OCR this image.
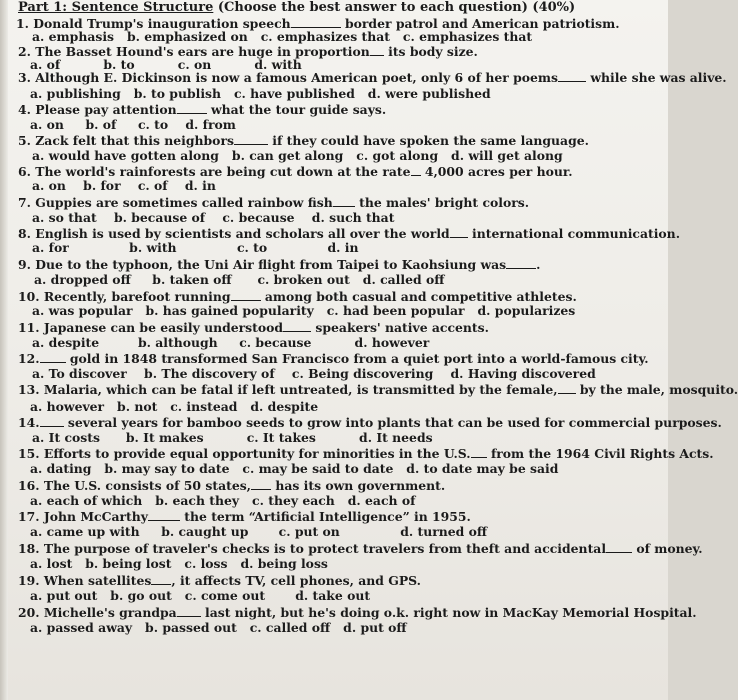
Part 1: Sentence Structure (Choose the best answer to each question) (40%)
1. Donald Trump's inauguration speech	border patrol and American patriotism.
a. emphasis   b. emphasized on   c. emphasizes that   c. emphasizes that
2. The Basset Hound's ears are huge in proportion its body size.
a. of          b. to          c. on          d. with
3. Although E. Dickinson is now a famous American poet, only 6 of her poems while she was alive.
a. publishing   b. to publish   c. have published   d. were published
4. Please pay attention what the tour guide says.
a. on     b. of     c. to    d. from
5. Zack felt that this neighbors	if they could have spoken the same language.
a. would have gotten along   b. can get along   c. got along   d. will get along
6. The world's rainforests are being cut down at the rate 4,000 acres per hour.
a. on    b. for    c. of    d. in
7. Guppies are sometimes called rainbow fish the males' bright colors.
a. so that    b. because of    c. because    d. such that
8. English is used by scientists and scholars all over the world international communication.
a. for              b. with              c. to              d. in
9. Due to the typhoon, the Uni Air flight from Taipei to Kaohsiung was .
a. dropped off     b. taken off      c. broken out   d. called off
10. Recently, barefoot running among both casual and competitive athletes.
a. was popular   b. has gained popularity   c. had been popular   d. popularizes
11. Japanese can be easily understood speakers' native accents.
a. despite         b. although     c. because          d. however
12. gold in 1848 transformed San Francisco from a quiet port into a world-famous city.
a. To discover    b. The discovery of    c. Being discovering    d. Having discovered
13. Malaria, which can be fatal if left untreated, is transmitted by the female, by the male, mosquito.
a. however   b. not   c. instead   d. despite
14. several years for bamboo seeds to grow into plants that can be used for commercial purposes.
a. It costs      b. It makes          c. It takes          d. It needs
15. Efforts to provide equal opportunity for minorities in the U.S. from the 1964 Civil Rights Acts.
a. dating   b. may say to date   c. may be said to date   d. to date may be said
16. The U.S. consists of 50 states, has its own government.
a. each of which   b. each they   c. they each   d. each of
17. John McCarthy	the term “Artificial Intelligence” in 1955.
a. came up with     b. caught up       c. put on              d. turned off
18. The purpose of traveler's checks is to protect travelers from theft and accidental of money.
a. lost   b. being lost   c. loss   d. being loss
19. When satellites , it affects TV, cell phones, and GPS.
a. put out   b. go out   c. come out       d. take out
20. Michelle's grandpa last night, but he's doing o.k. right now in MacKay Memorial Hospital.
a. passed away   b. passed out   c. called off   d. put off
